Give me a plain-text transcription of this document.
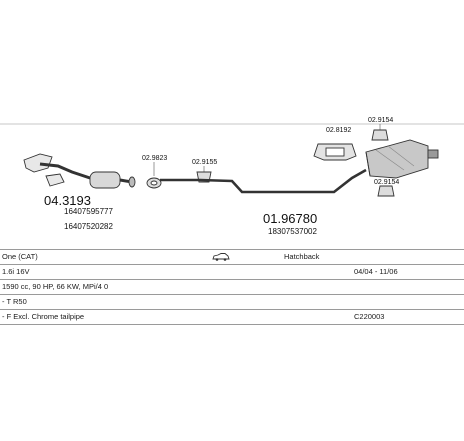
04.3193
16407595777
16407520282
02.9823
02.9155
01.96780
18307537002
02.8192
02.9154
02.9154
One (CAT)	Hatchback
1.6i 16V	04/04 - 11/06
1590 cc, 90 HP, 66 KW, MPi/4 0
- T R50
- F Excl. Chrome tailpipe	C220003
